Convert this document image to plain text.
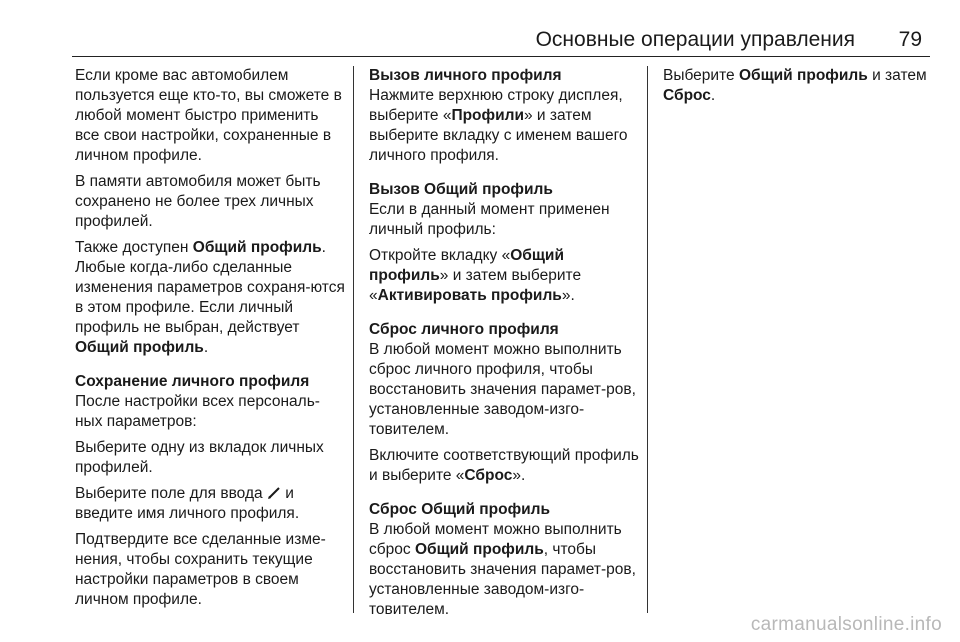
Основные операции управления 79

Если кроме вас автомобилем пользуется еще кто-то, вы сможете в любой момент быстро применить все свои настройки, сохраненные в личном профиле.

В памяти автомобиля может быть сохранено не более трех личных профилей.

Также доступен Общий профиль. Любые когда-либо сделанные изменения параметров сохраня-ются в этом профиле. Если личный профиль не выбран, действует Общий профиль.

Сохранение личного профиля
После настройки всех персональ-ных параметров:

Выберите одну из вкладок личных профилей.

Выберите поле для ввода  и введите имя личного профиля.

Подтвердите все сделанные изме-нения, чтобы сохранить текущие настройки параметров в своем личном профиле.

Вызов личного профиля
Нажмите верхнюю строку дисплея, выберите «Профили» и затем выберите вкладку с именем вашего личного профиля.

Вызов Общий профиль
Если в данный момент применен личный профиль:

Откройте вкладку «Общий профиль» и затем выберите «Активировать профиль».

Сброс личного профиля
В любой момент можно выполнить сброс личного профиля, чтобы восстановить значения парамет-ров, установленные заводом-изго-товителем.

Включите соответствующий профиль и выберите «Сброс».

Сброс Общий профиль
В любой момент можно выполнить сброс Общий профиль, чтобы восстановить значения парамет-ров, установленные заводом-изго-товителем.

Выберите Общий профиль и затем Сброс.

carmanualsonline.info
